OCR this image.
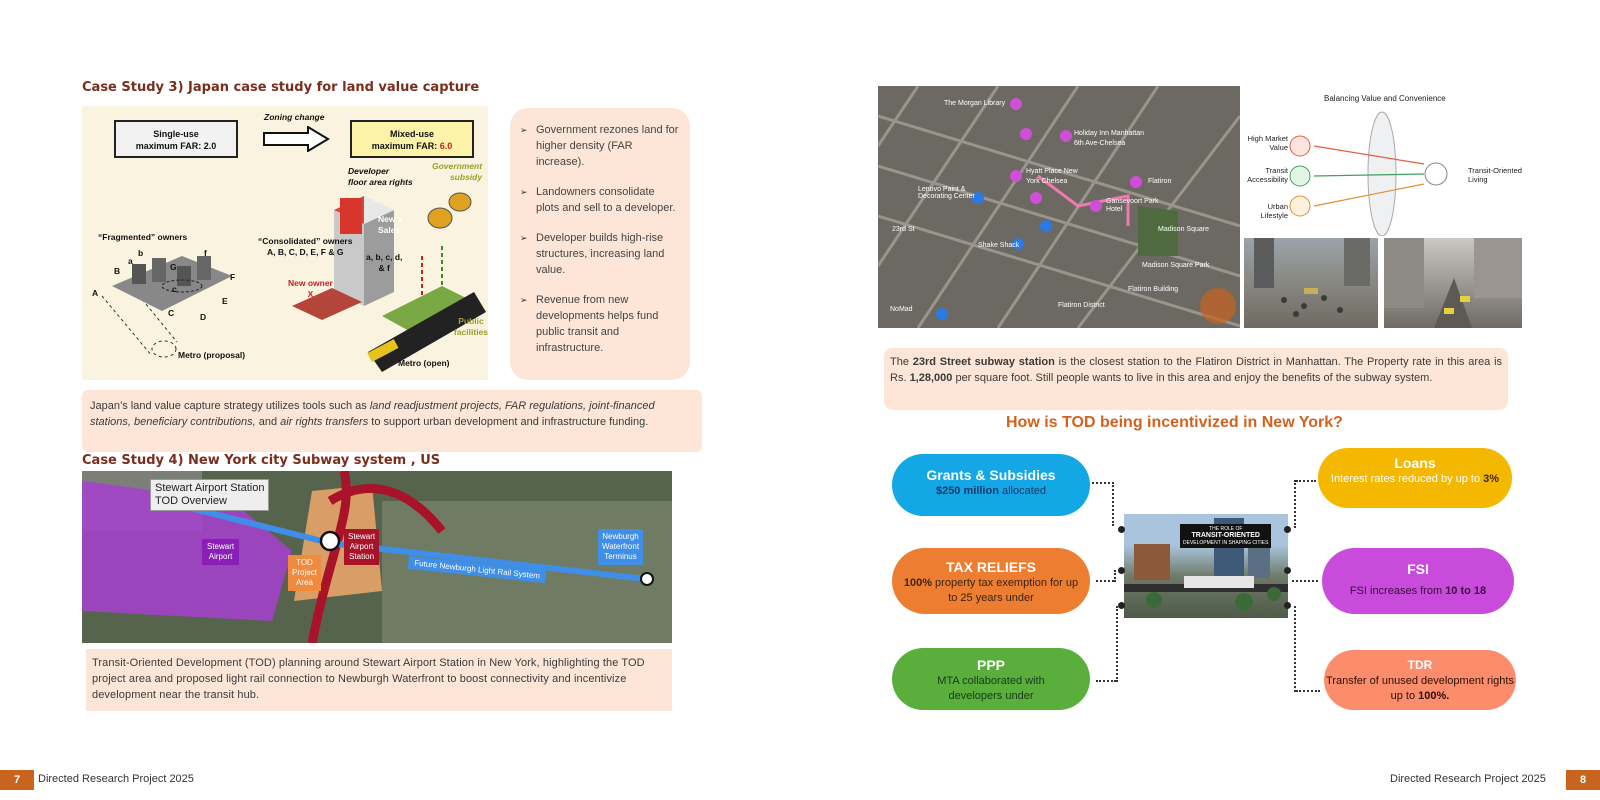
Case Study 3) Japan case study for land value capture
Single-use
maximum FAR: 2.0
Zoning change
Mixed-use
maximum FAR: 6.0
Developer
floor area rights
Government
subsidy
New x
Sales
“Fragmented” owners	“Consolidated” owners
A, B, C, D, E, F & G	a, b, c, d,
& f
New owner
X
Public
facilities
Metro (proposal)
Metro (open)
A
B
C	D
E
F
G
a
b
c
f
➢ Government rezones land for higher density (FAR increase).
➢ Landowners consolidate plots and sell to a developer.
➢ Developer builds high-rise structures, increasing land value.
➢ Revenue from new developments helps fund public transit and infrastructure.
Japan’s land value capture strategy utilizes tools such as land readjustment projects, FAR regulations, joint-financed stations, beneficiary contributions, and air rights transfers to support urban development and infrastructure funding.
Case Study 4) New York city Subway system , US
Stewart Airport Station
TOD Overview
Stewart
Airport
TOD
Project
Area
Stewart
Airport
Station
Future Newburgh Light Rail System
Newburgh
Waterfront
Terminus
Transit-Oriented Development (TOD) planning around Stewart Airport Station in New York, highlighting the TOD project area and proposed light rail connection to Newburgh Waterfront to boost connectivity and incentivize development near the transit hub.
7	Directed Research Project 2025
The Morgan Library
Holiday Inn Manhattan
6th Ave-Chelsea
Hyatt Place New
York Chelsea	Flatiron
Gansevoort Park
Hotel
Flatiron Building
Madison Square Park
Lenovo Paint & Decorating Center
Madison Square
Shake Shack
Flatiron District
23rd St
NoMad
Balancing Value and Convenience
High Market Value
Transit Accessibility
Urban Lifestyle
Transit-Oriented Living
The 23rd Street subway station is the closest station to the Flatiron District in Manhattan. The Property rate in this area is Rs. 1,28,000 per square foot. Still people wants to live in this area and enjoy the benefits of the subway system.
How is TOD being incentivized in New York?
THE ROLE OF
TRANSIT-ORIENTED
DEVELOPMENT IN SHAPING CITIES
Grants & Subsidies
$250 million allocated
TAX RELIEFS
100% property tax exemption for up to 25 years under
PPP
MTA collaborated with developers under
Loans
Interest rates reduced by up to 3%
FSI
FSI increases from 10 to 18
TDR
Transfer of unused development rights up to 100%.
Directed Research Project 2025	8
